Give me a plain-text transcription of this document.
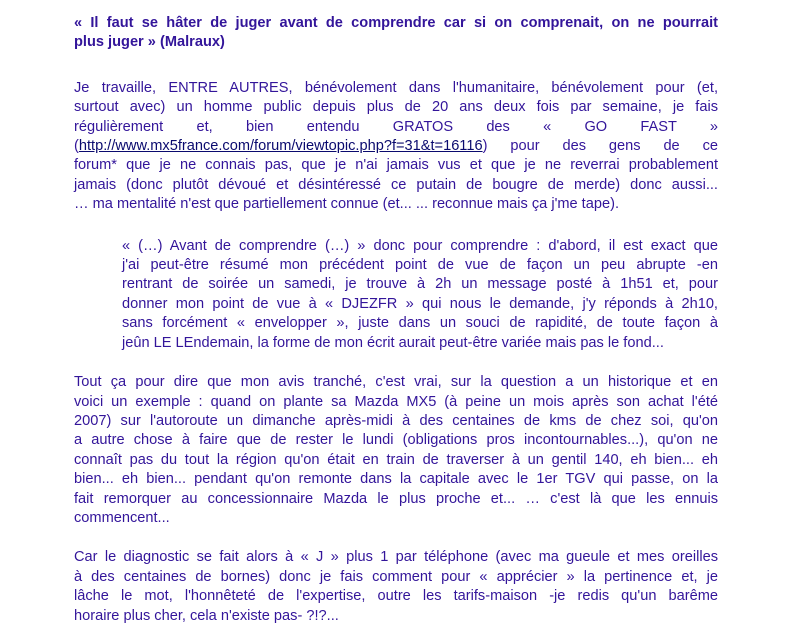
« Il faut se hâter de juger avant de comprendre car si on comprenait, on ne pourrait
plus juger » (Malraux)
Je travaille, ENTRE AUTRES, bénévolement dans l'humanitaire, bénévolement pour (et,
surtout avec) un homme public depuis plus de 20 ans deux fois par semaine, je fais
régulièrement et, bien entendu GRATOS des « GO FAST »
(http://www.mx5france.com/forum/viewtopic.php?f=31&t=16116) pour des gens de ce
forum* que je ne connais pas, que je n'ai jamais vus et que je ne reverrai probablement
jamais (donc plutôt dévoué et désintéressé ce putain de bougre de merde) donc aussi...
… ma mentalité n'est que partiellement connue (et... ... reconnue mais ça j'me tape).
« (…) Avant de comprendre (…) » donc pour comprendre : d'abord, il est exact que
j'ai peut-être résumé mon précédent point de vue de façon un peu abrupte -en
rentrant de soirée un samedi, je trouve à 2h un message posté à 1h51 et, pour
donner mon point de vue à « DJEZFR » qui nous le demande, j'y réponds à 2h10,
sans forcément « envelopper », juste dans un souci de rapidité, de toute façon à
jeûn LE LEndemain, la forme de mon écrit aurait peut-être variée mais pas le fond...
Tout ça pour dire que mon avis tranché, c'est vrai, sur la question a un historique et en
voici un exemple : quand on plante sa Mazda MX5 (à peine un mois après son achat l'été
2007) sur l'autoroute un dimanche après-midi à des centaines de kms de chez soi, qu'on
a autre chose à faire que de rester le lundi (obligations pros incontournables...), qu'on ne
connaît pas du tout la région qu'on était en train de traverser à un gentil 140, eh bien... eh
bien... eh bien... pendant qu'on remonte dans la capitale avec le 1er TGV qui passe, on la
fait remorquer au concessionnaire Mazda le plus proche et... … c'est là que les ennuis
commencent...
Car le diagnostic se fait alors à « J » plus 1 par téléphone (avec ma gueule et mes oreilles
à des centaines de bornes) donc je fais comment pour « apprécier » la pertinence et, je
lâche le mot, l'honnêteté de l'expertise, outre les tarifs-maison -je redis qu'un barême
horaire plus cher, cela n'existe pas- ?!?...
